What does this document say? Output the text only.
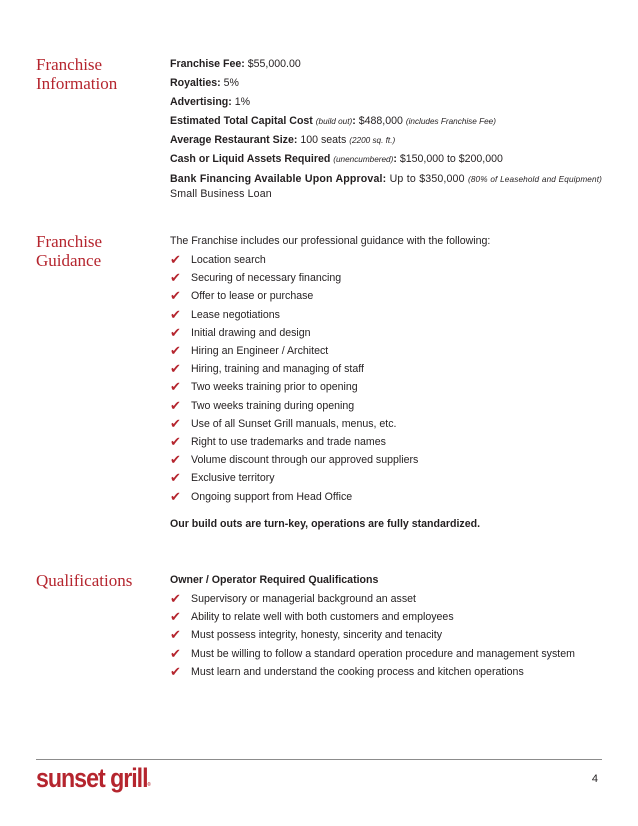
Franchise
Information
Franchise Fee: $55,000.00
Royalties: 5%
Advertising: 1%
Estimated Total Capital Cost (build out): $488,000 (includes Franchise Fee)
Average Restaurant Size: 100 seats (2200 sq. ft.)
Cash or Liquid Assets Required (unencumbered): $150,000 to $200,000
Bank Financing Available Upon Approval: Up to $350,000 (80% of Leasehold and Equipment) Small Business Loan
Franchise
Guidance
The Franchise includes our professional guidance with the following:
✔ Location search
✔ Securing of necessary financing
✔ Offer to lease or purchase
✔ Lease negotiations
✔ Initial drawing and design
✔ Hiring an Engineer / Architect
✔ Hiring, training and managing of staff
✔ Two weeks training prior to opening
✔ Two weeks training during opening
✔ Use of all Sunset Grill manuals, menus, etc.
✔ Right to use trademarks and trade names
✔ Volume discount through our approved suppliers
✔ Exclusive territory
✔ Ongoing support from Head Office
Our build outs are turn-key, operations are fully standardized.
Qualifications	Owner / Operator Required Qualifications
✔ Supervisory or managerial background an asset
✔ Ability to relate well with both customers and employees
✔ Must possess integrity, honesty, sincerity and tenacity
✔ Must be willing to follow a standard operation procedure and management system
✔ Must learn and understand the cooking process and kitchen operations
sunset grill®	4
